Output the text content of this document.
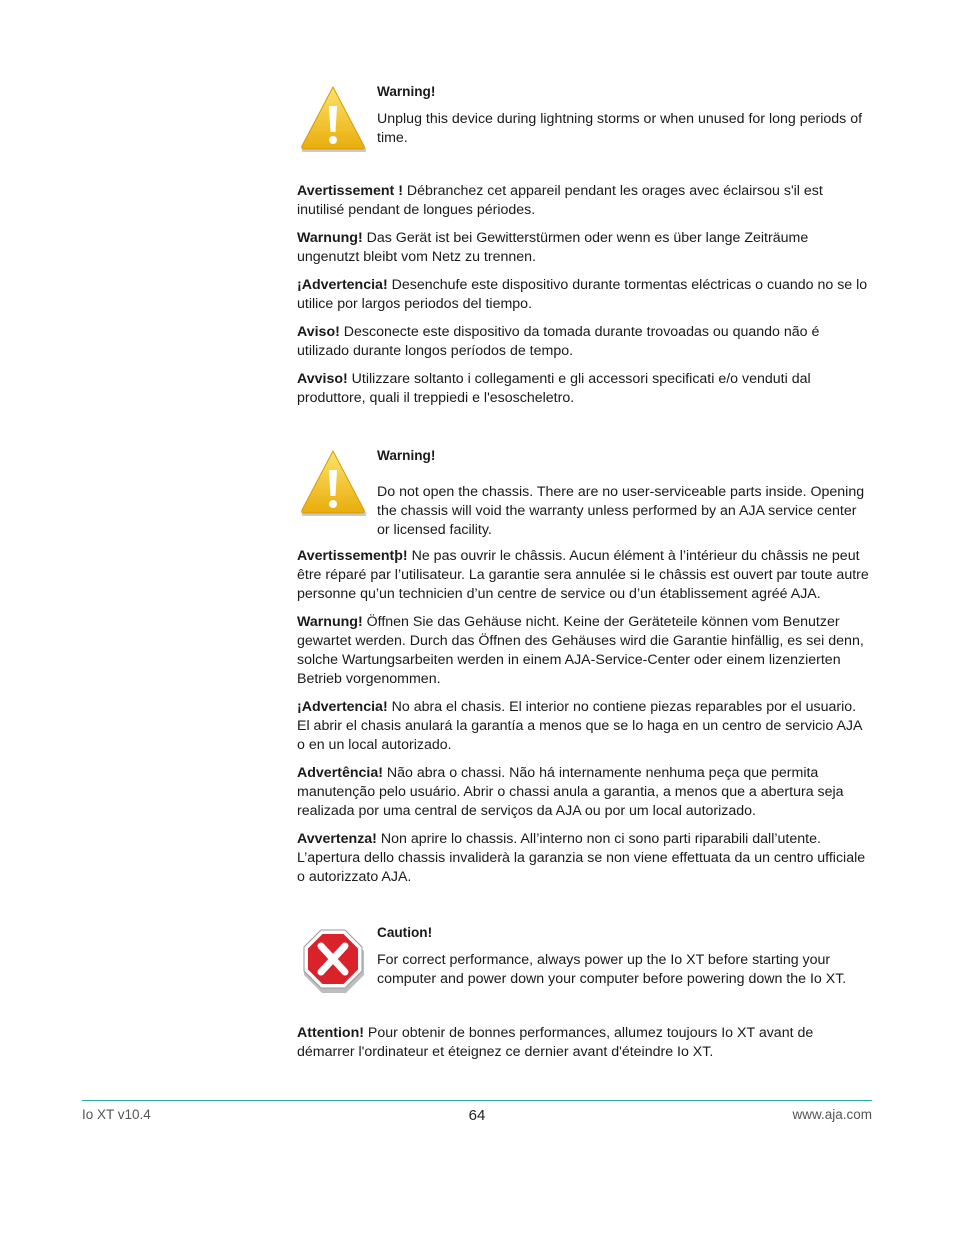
Warning!

Unplug this device during lightning storms or when unused for long periods of time.

Avertissement ! Débranchez cet appareil pendant les orages avec éclairsou s'il est inutilisé pendant de longues périodes.

Warnung! Das Gerät ist bei Gewitterstürmen oder wenn es über lange Zeiträume ungenutzt bleibt vom Netz zu trennen.

¡Advertencia! Desenchufe este dispositivo durante tormentas eléctricas o cuando no se lo utilice por largos periodos del tiempo.

Aviso! Desconecte este dispositivo da tomada durante trovoadas ou quando não é utilizado durante longos períodos de tempo.

Avviso! Utilizzare soltanto i collegamenti e gli accessori specificati e/o venduti dal produttore, quali il treppiedi e l'esoscheletro.

Warning!

Do not open the chassis. There are no user-serviceable parts inside. Opening the chassis will void the warranty unless performed by an AJA service center or licensed facility.

Avertissementþ! Ne pas ouvrir le châssis. Aucun élément à l’intérieur du châssis ne peut être réparé par l’utilisateur. La garantie sera annulée si le châssis est ouvert par toute autre personne qu’un technicien d’un centre de service ou d’un établissement agréé AJA.

Warnung! Öffnen Sie das Gehäuse nicht. Keine der Geräteteile können vom Benutzer gewartet werden. Durch das Öffnen des Gehäuses wird die Garantie hinfällig, es sei denn, solche Wartungsarbeiten werden in einem AJA-Service-Center oder einem lizenzierten Betrieb vorgenommen.

¡Advertencia! No abra el chasis. El interior no contiene piezas reparables por el usuario. El abrir el chasis anulará la garantía a menos que se lo haga en un centro de servicio AJA o en un local autorizado.

Advertência! Não abra o chassi. Não há internamente nenhuma peça que permita manutenção pelo usuário. Abrir o chassi anula a garantia, a menos que a abertura seja realizada por uma central de serviços da AJA ou por um local autorizado.

Avvertenza! Non aprire lo chassis. All’interno non ci sono parti riparabili dall’utente. L’apertura dello chassis invaliderà la garanzia se non viene effettuata da un centro ufficiale o autorizzato AJA.

Caution!

For correct performance, always power up the Io XT before starting your computer and power down your computer before powering down the Io XT.

Attention! Pour obtenir de bonnes performances, allumez toujours Io XT avant de démarrer l'ordinateur et éteignez ce dernier avant d'éteindre Io XT.

Io XT v10.4	64	www.aja.com
